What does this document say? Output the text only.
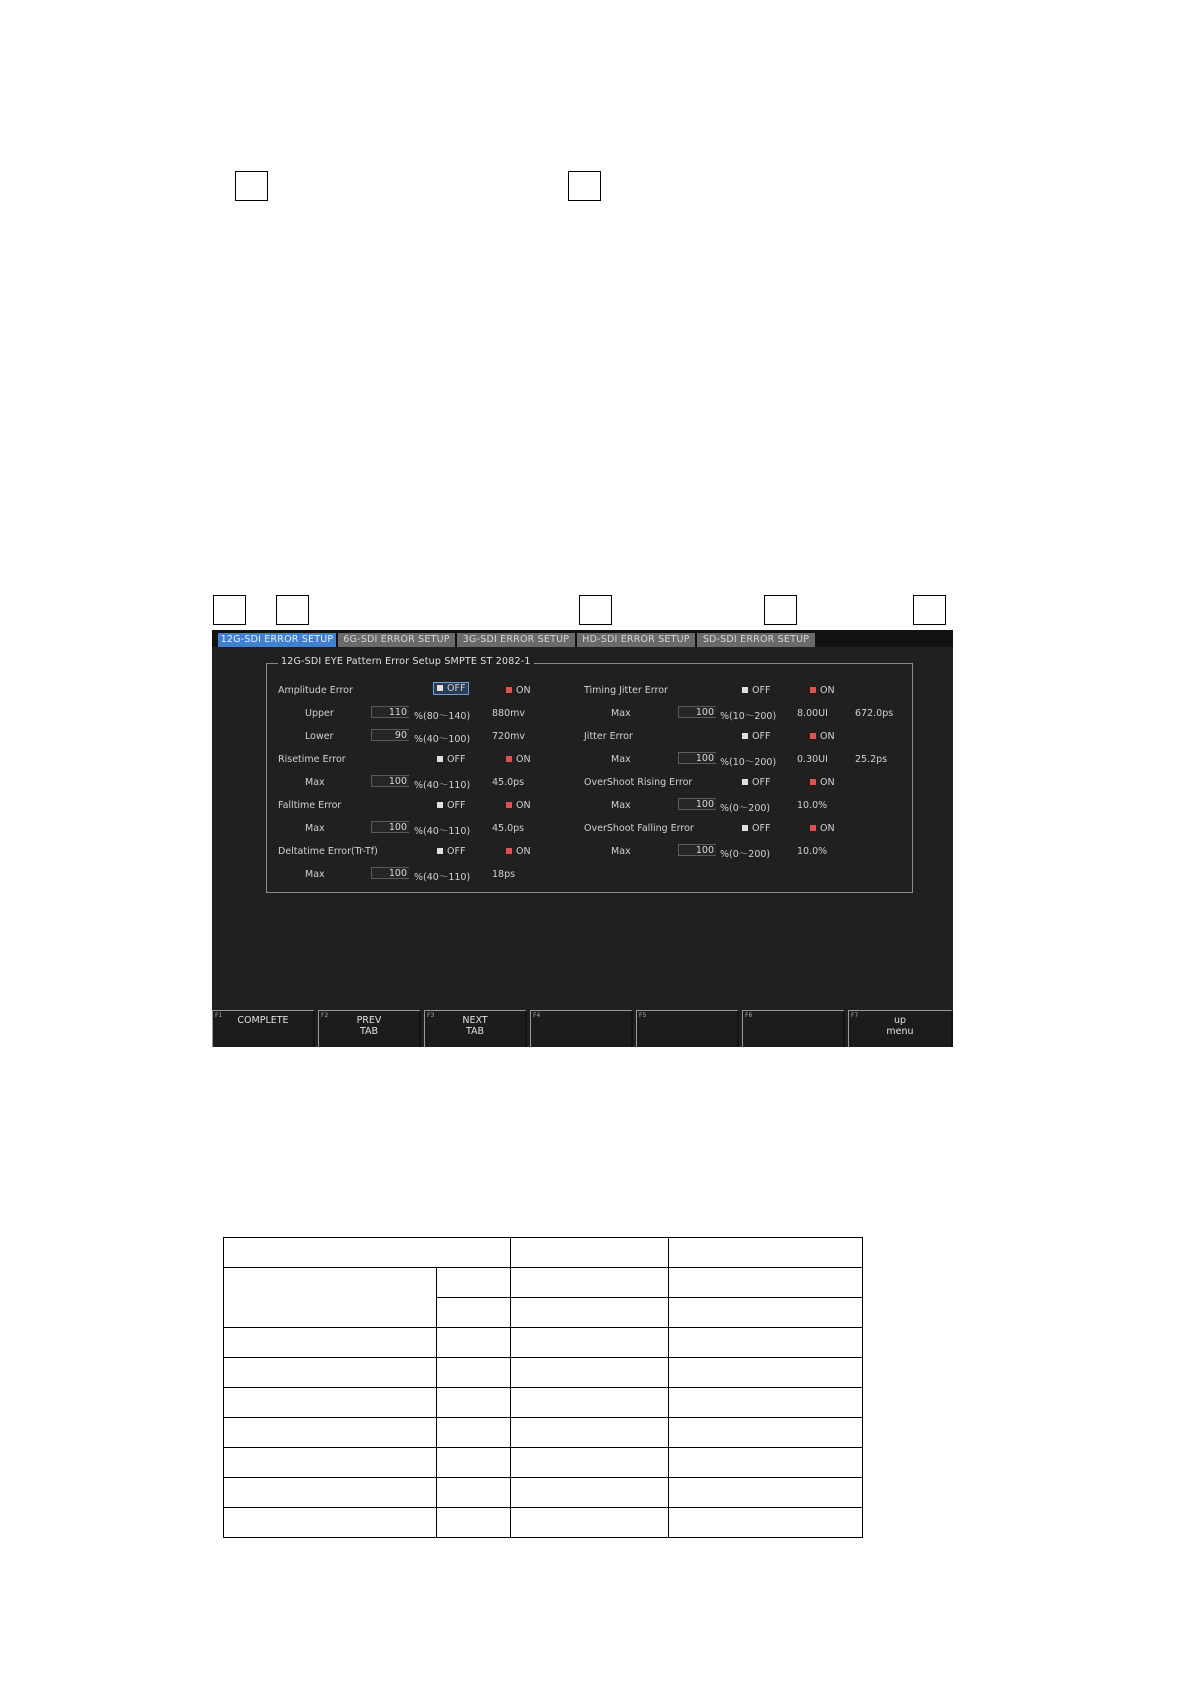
12G-SDI ERROR SETUP	6G-SDI ERROR SETUP	3G-SDI ERROR SETUP	HD-SDI ERROR SETUP	SD-SDI ERROR SETUP
12G-SDI EYE Pattern Error Setup SMPTE ST 2082-1
Amplitude Error	OFF	ON
Upper	110 %(80～140) 880mv
Lower	90 %(40～100) 720mv
Risetime Error	OFF	ON
Max	100 %(40～110) 45.0ps
Falltime Error	OFF	ON
Max	100 %(40～110) 45.0ps
Deltatime Error(Tr-Tf)	OFF	ON
Max	100 %(40～110) 18ps
Timing Jitter Error	OFF	ON
Max	100 %(10～200) 8.00UI	672.0ps
Jitter Error	OFF	ON
Max	100 %(10～200) 0.30UI	25.2ps
OverShoot Rising Error	OFF	ON
Max	100 %(0～200)	10.0%
OverShoot Falling Error	OFF	ON
Max	100 %(0～200)	10.0%
F1	COMPLETE	F2	PREV
TAB
F3	NEXT
TAB
F4	F5	F6	F7	up
menu
